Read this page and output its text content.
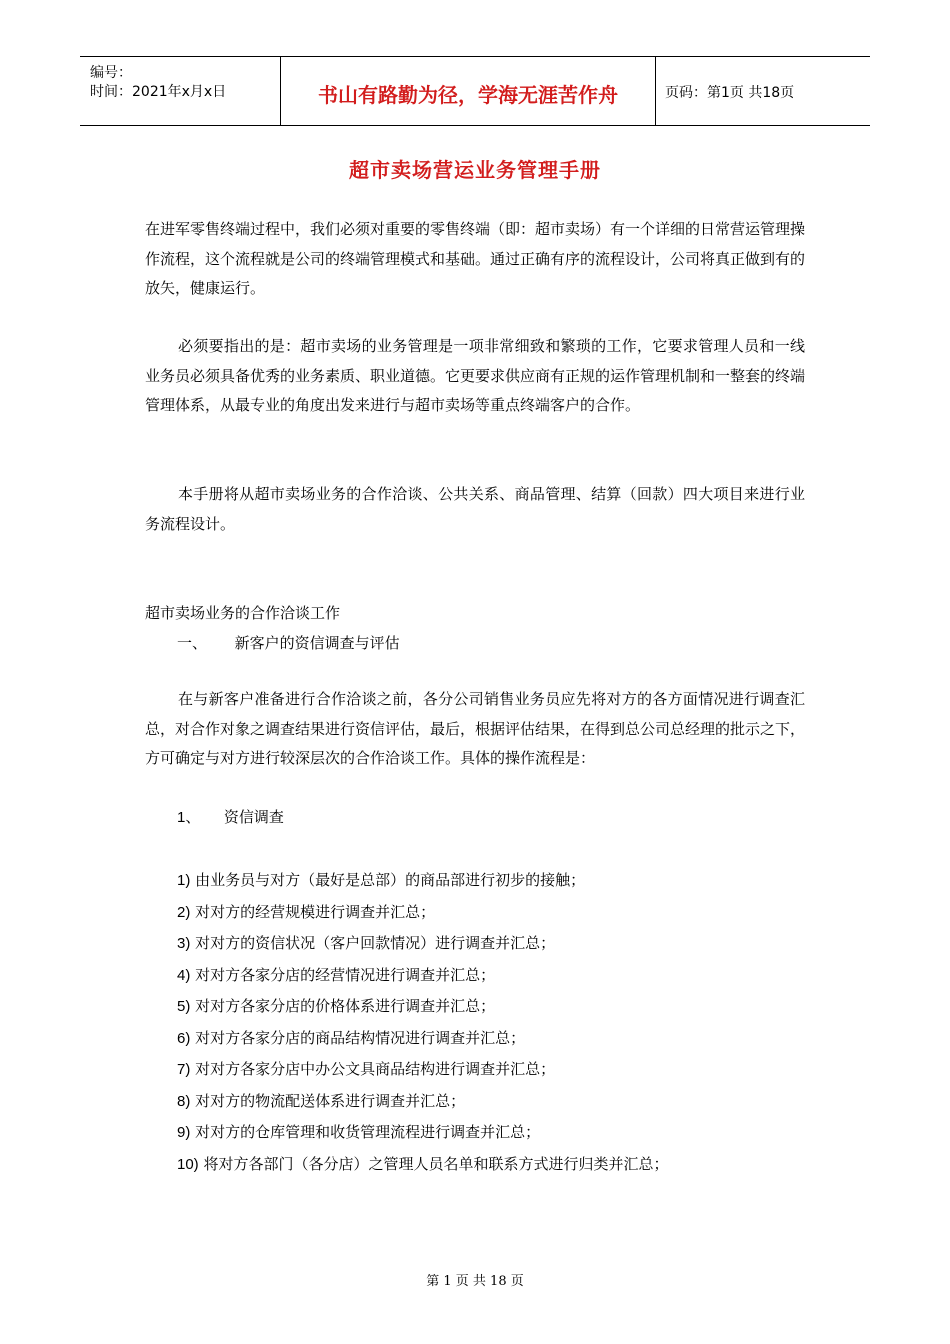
编号：
时间：2021年x月x日	书山有路勤为径，学海无涯苦作舟	页码：第1页 共18页
超市卖场营运业务管理手册

在进军零售终端过程中，我们必须对重要的零售终端（即：超市卖场）有一个详细的日常营运管理操作流程，这个流程就是公司的终端管理模式和基础。通过正确有序的流程设计，公司将真正做到有的放矢，健康运行。

必须要指出的是：超市卖场的业务管理是一项非常细致和繁琐的工作，它要求管理人员和一线业务员必须具备优秀的业务素质、职业道德。它更要求供应商有正规的运作管理机制和一整套的终端管理体系，从最专业的角度出发来进行与超市卖场等重点终端客户的合作。

本手册将从超市卖场业务的合作洽谈、公共关系、商品管理、结算（回款）四大项目来进行业务流程设计。

超市卖场业务的合作洽谈工作
一、 新客户的资信调查与评估

在与新客户准备进行合作洽谈之前，各分公司销售业务员应先将对方的各方面情况进行调查汇总，对合作对象之调查结果进行资信评估，最后，根据评估结果，在得到总公司总经理的批示之下，方可确定与对方进行较深层次的合作洽谈工作。具体的操作流程是：

1、 资信调查
1) 由业务员与对方（最好是总部）的商品部进行初步的接触；
2) 对对方的经营规模进行调查并汇总；
3) 对对方的资信状况（客户回款情况）进行调查并汇总；
4) 对对方各家分店的经营情况进行调查并汇总；
5) 对对方各家分店的价格体系进行调查并汇总；
6) 对对方各家分店的商品结构情况进行调查并汇总；
7) 对对方各家分店中办公文具商品结构进行调查并汇总；
8) 对对方的物流配送体系进行调查并汇总；
9) 对对方的仓库管理和收货管理流程进行调查并汇总；
10) 将对方各部门（各分店）之管理人员名单和联系方式进行归类并汇总；
第 1 页 共 18 页
